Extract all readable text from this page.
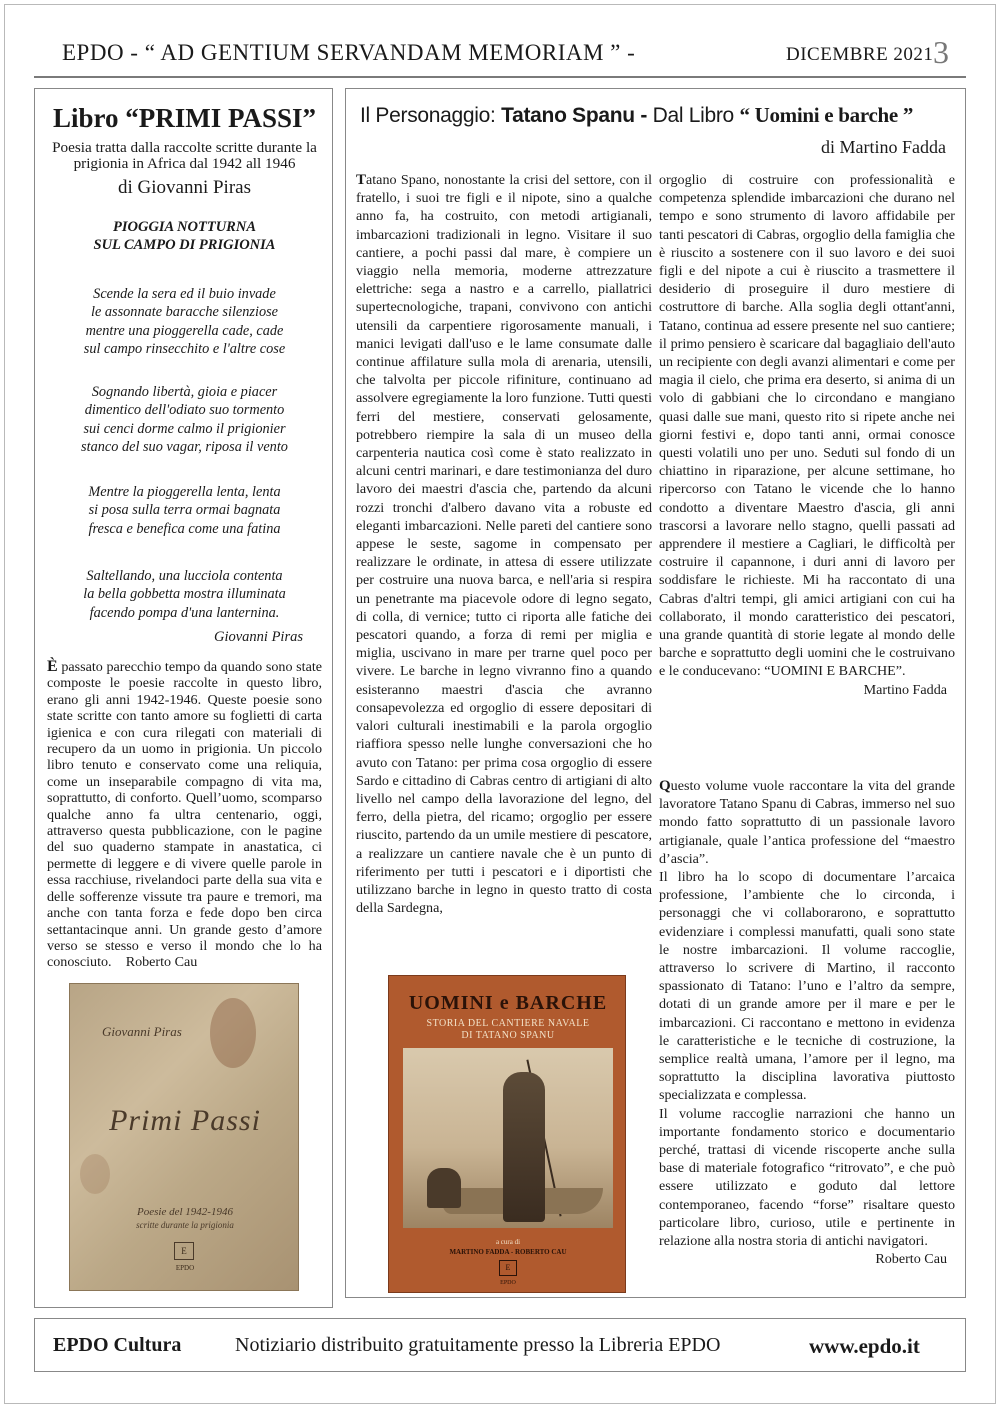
EPDO - “ AD GENTIUM SERVANDAM MEMORIAM ” -	DICEMBRE 2021 3
Libro “PRIMI PASSI”
Poesia tratta dalla raccolte scritte durante la prigionia in Africa dal 1942 all 1946
di Giovanni Piras
PIOGGIA NOTTURNA
SUL CAMPO DI PRIGIONIA
Scende la sera ed il buio invade
le assonnate baracche silenziose
mentre una pioggerella cade, cade
sul campo rinsecchito e l'altre cose
Sognando libertà, gioia e piacer
dimentico dell'odiato suo tormento
sui cenci dorme calmo il prigionier
stanco del suo vagar, riposa il vento
Mentre la pioggerella lenta, lenta
si posa sulla terra ormai bagnata
fresca e benefica come una fatina
Saltellando, una lucciola contenta
la bella gobbetta mostra illuminata
facendo pompa d'una lanternina.
Giovanni Piras
È passato parecchio tempo da quando sono state composte le poesie raccolte in questo libro, erano gli anni 1942-1946. Queste poesie sono state scritte con tanto amore su foglietti di carta igienica e con cura rilegati con materiali di recupero da un uomo in prigionia. Un piccolo libro tenuto e conservato come una reliquia, come un inseparabile compagno di vita ma, soprattutto, di conforto. Quell’uomo, scomparso qualche anno fa ultra centenario, oggi, attraverso questa pubblicazione, con le pagine del suo quaderno stampate in anastatica, ci permette di leggere e di vivere quelle parole in essa racchiuse, rivelandoci parte della sua vita e delle sofferenze vissute tra paure e tremori, ma anche con tanta forza e fede dopo ben circa settantacinque anni. Un grande gesto d’amore verso se stesso e verso il mondo che lo ha conosciuto. Roberto Cau
Giovanni Piras
Primi Passi
Poesie del 1942-1946
scritte durante la prigionia
E
EPDO
Il Personaggio: Tatano Spanu - Dal Libro “ Uomini e barche ”
di Martino Fadda
Tatano Spano, nonostante la crisi del settore, con il fratello, i suoi tre figli e il nipote, sino a qualche anno fa, ha costruito, con metodi artigianali, imbarcazioni tradizionali in legno. Visitare il suo cantiere, a pochi passi dal mare, è compiere un viaggio nella memoria, moderne attrezzature elettriche: sega a nastro e a carrello, piallatrici supertecnologiche, trapani, convivono con antichi utensili da carpentiere rigorosamente manuali, i manici levigati dall'uso e le lame consumate dalle continue affilature sulla mola di arenaria, utensili, che talvolta per piccole rifiniture, continuano ad assolvere egregiamente la loro funzione. Tutti questi ferri del mestiere, conservati gelosamente, potrebbero riempire la sala di un museo della carpenteria nautica così come è stato realizzato in alcuni centri marinari, e dare testimonianza del duro lavoro dei maestri d'ascia che, partendo da alcuni rozzi tronchi d'albero davano vita a robuste ed eleganti imbarcazioni. Nelle pareti del cantiere sono appese le seste, sagome in compensato per realizzare le ordinate, in attesa di essere utilizzate per costruire una nuova barca, e nell'aria si respira un penetrante ma piacevole odore di legno segato, di colla, di vernice; tutto ci riporta alle fatiche dei pescatori quando, a forza di remi per miglia e miglia, uscivano in mare per trarne quel poco per vivere. Le barche in legno vivranno fino a quando esisteranno maestri d'ascia che avranno consapevolezza ed orgoglio di essere depositari di valori culturali inestimabili e la parola orgoglio riaffiora spesso nelle lunghe conversazioni che ho avuto con Tatano: per prima cosa orgoglio di essere Sardo e cittadino di Cabras centro di artigiani di alto livello nel campo della lavorazione del legno, del ferro, della pietra, del ricamo; orgoglio per essere riuscito, partendo da un umile mestiere di pescatore, a realizzare un cantiere navale che è un punto di riferimento per tutti i pescatori e i diportisti che utilizzano barche in legno in questo tratto di costa della Sardegna,
orgoglio di costruire con professionalità e competenza splendide imbarcazioni che durano nel tempo e sono strumento di lavoro affidabile per tanti pescatori di Cabras, orgoglio della famiglia che è riuscito a sostenere con il suo lavoro e dei suoi figli e del nipote a cui è riuscito a trasmettere il desiderio di proseguire il duro mestiere di costruttore di barche. Alla soglia degli ottant'anni, Tatano, continua ad essere presente nel suo cantiere; il primo pensiero è scaricare dal bagagliaio dell'auto un recipiente con degli avanzi alimentari e come per magia il cielo, che prima era deserto, si anima di un volo di gabbiani che lo circondano e mangiano quasi dalle sue mani, questo rito si ripete anche nei giorni festivi e, dopo tanti anni, ormai conosce questi volatili uno per uno. Seduti sul fondo di un chiattino in riparazione, per alcune settimane, ho ripercorso con Tatano le vicende che lo hanno condotto a diventare Maestro d'ascia, gli anni trascorsi a lavorare nello stagno, quelli passati ad apprendere il mestiere a Cagliari, le difficoltà per costruire il capannone, i duri anni di lavoro per soddisfare le richieste. Mi ha raccontato di una Cabras d'altri tempi, gli amici artigiani con cui ha collaborato, il mondo caratteristico dei pescatori, una grande quantità di storie legate al mondo delle barche e soprattutto degli uomini che le costruivano e le conducevano: “UOMINI E BARCHE”.
Martino Fadda
Questo volume vuole raccontare la vita del grande lavoratore Tatano Spanu di Cabras, immerso nel suo mondo fatto soprattutto di un passionale lavoro artigianale, quale l’antica professione del “maestro d’ascia”.
Il libro ha lo scopo di documentare l’arcaica professione, l’ambiente che lo circonda, i personaggi che vi collaborarono, e soprattutto evidenziare i complessi manufatti, quali sono state le nostre imbarcazioni. Il volume raccoglie, attraverso lo scrivere di Martino, il racconto spassionato di Tatano: l’uno e l’altro da sempre, dotati di un grande amore per il mare e per le imbarcazioni. Ci raccontano e mettono in evidenza le caratteristiche e le tecniche di costruzione, la semplice realtà umana, l’amore per il legno, ma soprattutto la disciplina lavorativa piuttosto specializzata e complessa.
Il volume raccoglie narrazioni che hanno un importante fondamento storico e documentario perché, trattasi di vicende riscoperte anche sulla base di materiale fotografico “ritrovato”, e che può essere utilizzato e goduto dal lettore contemporaneo, facendo “forse” risaltare questo particolare libro, curioso, utile e pertinente in relazione alla nostra storia di antichi navigatori.
Roberto Cau
UOMINI e BARCHE
STORIA DEL CANTIERE NAVALE
DI TATANO SPANU
a cura di
MARTINO FADDA - ROBERTO CAU
E
EPDO
EPDO Cultura	Notiziario distribuito gratuitamente presso la Libreria EPDO	www.epdo.it
